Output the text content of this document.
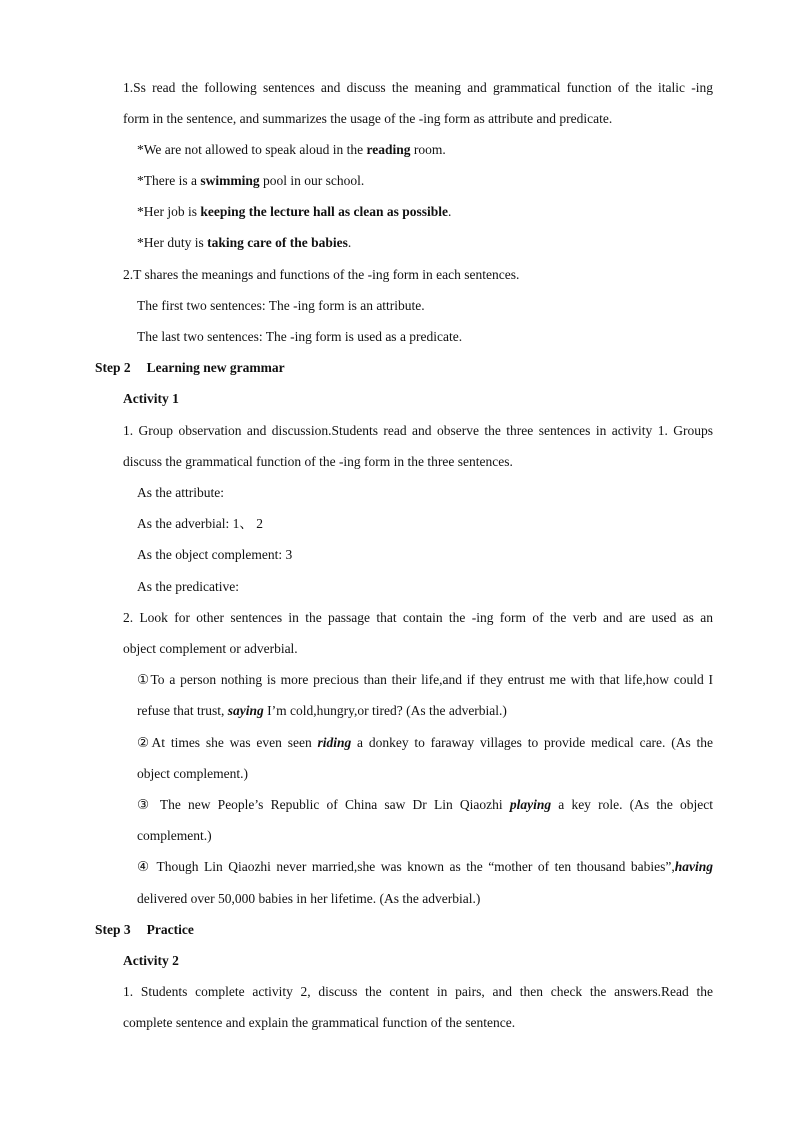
1.Ss read the following sentences and discuss the meaning and grammatical function of the italic -ing
form in the sentence, and summarizes the usage of the -ing form as attribute and predicate.
*We are not allowed to speak aloud in the reading room.
*There is a swimming pool in our school.
*Her job is keeping the lecture hall as clean as possible.
*Her duty is taking care of the babies.
2.T shares the meanings and functions of the -ing form in each sentences.
The first two sentences: The -ing form is an attribute.
The last two sentences: The -ing form is used as a predicate.
Step 2 Learning new grammar
Activity 1
1. Group observation and discussion.Students read and observe the three sentences in activity 1. Groups
discuss the grammatical function of the -ing form in the three sentences.
As the attribute:
As the adverbial: 1、 2
As the object complement: 3
As the predicative:
2. Look for other sentences in the passage that contain the -ing form of the verb and are used as an
object complement or adverbial.
①To a person nothing is more precious than their life,and if they entrust me with that life,how could I
refuse that trust, saying I’m cold,hungry,or tired? (As the adverbial.)
②At times she was even seen riding a donkey to faraway villages to provide medical care. (As the
object complement.)
③ The new People’s Republic of China saw Dr Lin Qiaozhi playing a key role. (As the object
complement.)
④ Though Lin Qiaozhi never married,she was known as the “mother of ten thousand babies”,having
delivered over 50,000 babies in her lifetime. (As the adverbial.)
Step 3 Practice
Activity 2
1. Students complete activity 2, discuss the content in pairs, and then check the answers.Read the
complete sentence and explain the grammatical function of the sentence.
